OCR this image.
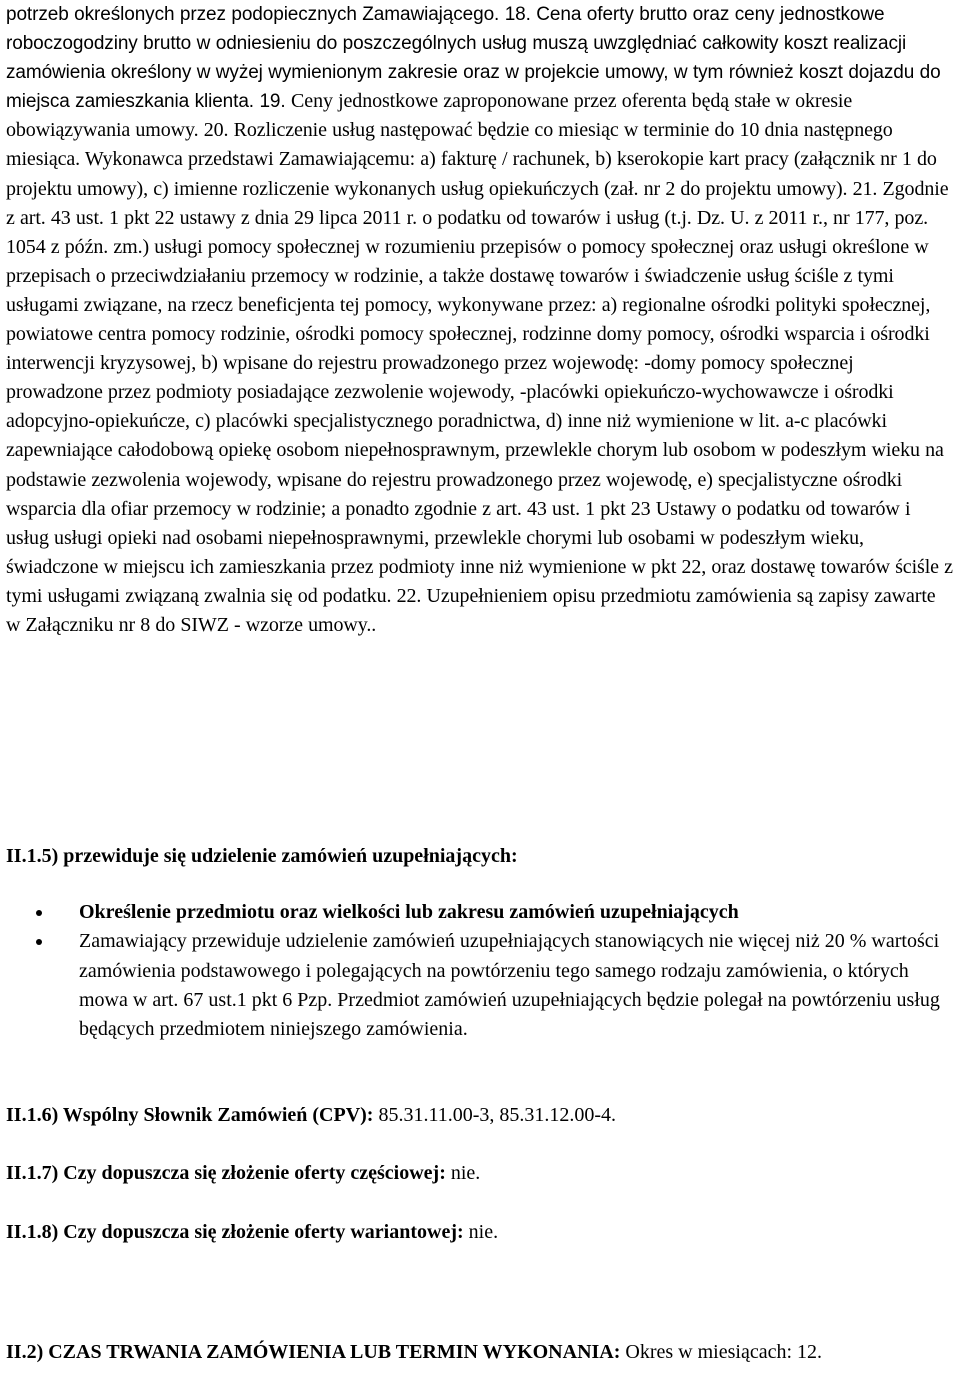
potrzeb określonych przez podopiecznych Zamawiającego. 18. Cena oferty brutto oraz ceny jednostkowe roboczogodziny brutto w odniesieniu do poszczególnych usług muszą uwzględniać całkowity koszt realizacji zamówienia określony w wyżej wymienionym zakresie oraz w projekcie umowy, w tym również koszt dojazdu do miejsca zamieszkania klienta. 19. Ceny jednostkowe zaproponowane przez oferenta będą stałe w okresie obowiązywania umowy. 20. Rozliczenie usług następować będzie co miesiąc w terminie do 10 dnia następnego miesiąca. Wykonawca przedstawi Zamawiającemu: a) fakturę / rachunek, b) kserokopie kart pracy (załącznik nr 1 do projektu umowy), c) imienne rozliczenie wykonanych usług opiekuńczych (zał. nr 2 do projektu umowy). 21. Zgodnie z art. 43 ust. 1 pkt 22 ustawy z dnia 29 lipca 2011 r. o podatku od towarów i usług (t.j. Dz. U. z 2011 r., nr 177, poz. 1054 z późn. zm.) usługi pomocy społecznej w rozumieniu przepisów o pomocy społecznej oraz usługi określone w przepisach o przeciwdziałaniu przemocy w rodzinie, a także dostawę towarów i świadczenie usług ściśle z tymi usługami związane, na rzecz beneficjenta tej pomocy, wykonywane przez: a) regionalne ośrodki polityki społecznej, powiatowe centra pomocy rodzinie, ośrodki pomocy społecznej, rodzinne domy pomocy, ośrodki wsparcia i ośrodki interwencji kryzysowej, b) wpisane do rejestru prowadzonego przez wojewodę: -domy pomocy społecznej prowadzone przez podmioty posiadające zezwolenie wojewody, -placówki opiekuńczo-wychowawcze i ośrodki adopcyjno-opiekuńcze, c) placówki specjalistycznego poradnictwa, d) inne niż wymienione w lit. a-c placówki zapewniające całodobową opiekę osobom niepełnosprawnym, przewlekle chorym lub osobom w podeszłym wieku na podstawie zezwolenia wojewody, wpisane do rejestru prowadzonego przez wojewodę, e) specjalistyczne ośrodki wsparcia dla ofiar przemocy w rodzinie; a ponadto zgodnie z art. 43 ust. 1 pkt 23 Ustawy o podatku od towarów i usług usługi opieki nad osobami niepełnosprawnymi, przewlekle chorymi lub osobami w podeszłym wieku, świadczone w miejscu ich zamieszkania przez podmioty inne niż wymienione w pkt 22, oraz dostawę towarów ściśle z tymi usługami związaną zwalnia się od podatku. 22. Uzupełnieniem opisu przedmiotu zamówienia są zapisy zawarte w Załączniku nr 8 do SIWZ - wzorze umowy..

II.1.5) przewiduje się udzielenie zamówień uzupełniających:

Określenie przedmiotu oraz wielkości lub zakresu zamówień uzupełniających
Zamawiający przewiduje udzielenie zamówień uzupełniających stanowiących nie więcej niż 20 % wartości zamówienia podstawowego i polegających na powtórzeniu tego samego rodzaju zamówienia, o których mowa w art. 67 ust.1 pkt 6 Pzp. Przedmiot zamówień uzupełniających będzie polegał na powtórzeniu usług będących przedmiotem niniejszego zamówienia.

II.1.6) Wspólny Słownik Zamówień (CPV): 85.31.11.00-3, 85.31.12.00-4.

II.1.7) Czy dopuszcza się złożenie oferty częściowej: nie.

II.1.8) Czy dopuszcza się złożenie oferty wariantowej: nie.

II.2) CZAS TRWANIA ZAMÓWIENIA LUB TERMIN WYKONANIA: Okres w miesiącach: 12.
